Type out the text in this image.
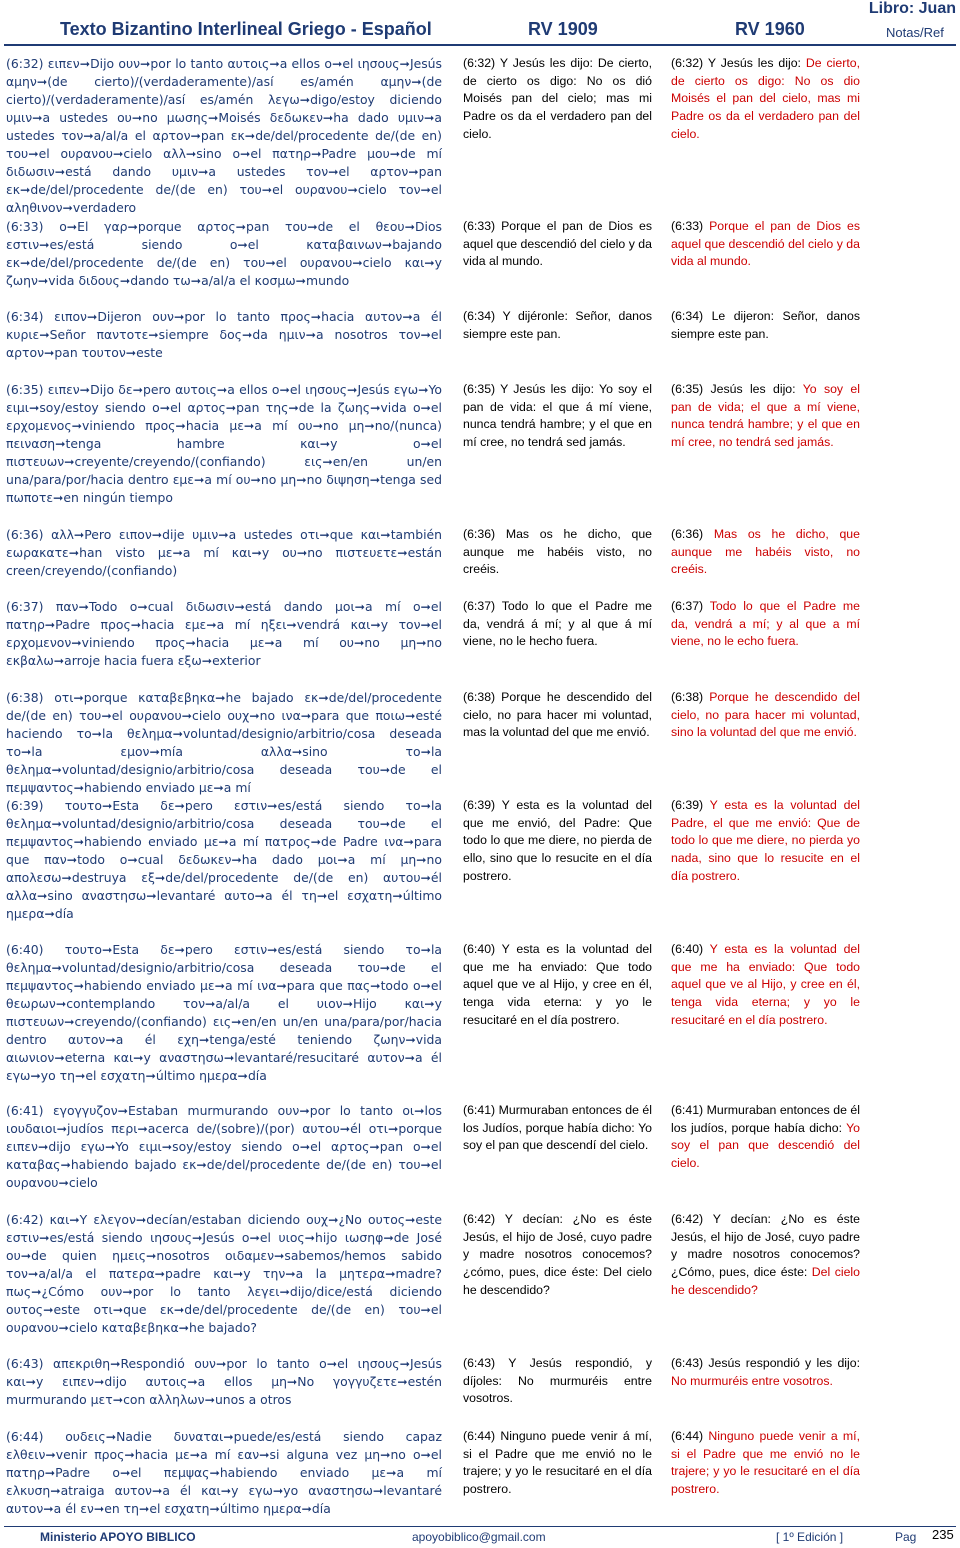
Texto Bizantino Interlineal Griego - Español	RV 1909	RV 1960
Libro: Juan
Notas/Ref
(6:32) ειπεν➞Dijo ουν➞por lo tanto αυτοις➞a ellos ο➞el ιησους➞Jesús αμην➞(de cierto)/(verdaderamente)/así es/amén αμην➞(de cierto)/(verdaderamente)/así es/amén λεγω➞digo/estoy diciendo υμιν➞a ustedes ου➞no μωσης➞Moisés δεδωκεν➞ha dado υμιν➞a ustedes τον➞a/al/a el αρτον➞pan εκ➞de/del/procedente de/(de en) του➞el ουρανου➞cielo αλλ➞sino ο➞el πατηρ➞Padre μου➞de mí διδωσιν➞está dando υμιν➞a ustedes τον➞el αρτον➞pan εκ➞de/del/procedente de/(de en) του➞el ουρανου➞cielo τον➞el αληθινον➞verdadero
(6:32) Y Jesús les dijo: De cierto, de cierto os digo: No os dió Moisés pan del cielo; mas mi Padre os da el verdadero pan del cielo.
(6:32) Y Jesús les dijo: De cierto, de cierto os digo: No os dio Moisés el pan del cielo, mas mi Padre os da el verdadero pan del cielo.
(6:33) ο➞El γαρ➞porque αρτος➞pan του➞de el θεου➞Dios εστιν➞es/está siendo ο➞el καταβαινων➞bajando εκ➞de/del/procedente de/(de en) του➞el ουρανου➞cielo και➞y ζωην➞vida διδους➞dando τω➞a/al/a el κοσμω➞mundo
(6:33) Porque el pan de Dios es aquel que descendió del cielo y da vida al mundo.
(6:33) Porque el pan de Dios es aquel que descendió del cielo y da vida al mundo.
(6:34) ειπον➞Dijeron ουν➞por lo tanto προς➞hacia αυτον➞a él κυριε➞Señor παντοτε➞siempre δος➞da ημιν➞a nosotros τον➞el αρτον➞pan τουτον➞este
(6:34) Y dijéronle: Señor, danos siempre este pan.
(6:34) Le dijeron: Señor, danos siempre este pan.
(6:35) ειπεν➞Dijo δε➞pero αυτοις➞a ellos ο➞el ιησους➞Jesús εγω➞Yo ειμι➞soy/estoy siendo ο➞el αρτος➞pan της➞de la ζωης➞vida ο➞el ερχομενος➞viniendo προς➞hacia με➞a mí ου➞no μη➞no/(nunca) πειναση➞tenga hambre και➞y ο➞el πιστευων➞creyente/creyendo/(confiando) εις➞en/en un/en una/para/por/hacia dentro εμε➞a mí ου➞no μη➞no διψηση➞tenga sed πωποτε➞en ningún tiempo
(6:35) Y Jesús les dijo: Yo soy el pan de vida: el que á mí viene, nunca tendrá hambre; y el que en mí cree, no tendrá sed jamás.
(6:35) Jesús les dijo: Yo soy el pan de vida; el que a mí viene, nunca tendrá hambre; y el que en mí cree, no tendrá sed jamás.
(6:36) αλλ➞Pero ειπον➞dije υμιν➞a ustedes οτι➞que και➞también εωρακατε➞han visto με➞a mí και➞y ου➞no πιστευετε➞están creen/creyendo/(confiando)
(6:36) Mas os he dicho, que aunque me habéis visto, no creéis.
(6:36) Mas os he dicho, que aunque me habéis visto, no creéis.
(6:37) παν➞Todo ο➞cual διδωσιν➞está dando μοι➞a mí ο➞el πατηρ➞Padre προς➞hacia εμε➞a mí ηξει➞vendrá και➞y τον➞el ερχομενον➞viniendo προς➞hacia με➞a mí ου➞no μη➞no εκβαλω➞arroje hacia fuera εξω➞exterior
(6:37) Todo lo que el Padre me da, vendrá á mí; y al que á mí viene, no le hecho fuera.
(6:37) Todo lo que el Padre me da, vendrá a mí; y al que a mí viene, no le echo fuera.
(6:38) οτι➞porque καταβεβηκα➞he bajado εκ➞de/del/procedente de/(de en) του➞el ουρανου➞cielo ουχ➞no ινα➞para que ποιω➞esté haciendo το➞la θελημα➞voluntad/designio/arbitrio/cosa deseada το➞la εμον➞mía αλλα➞sino το➞la θελημα➞voluntad/designio/arbitrio/cosa deseada του➞de el πεμψαντος➞habiendo enviado με➞a mí
(6:38) Porque he descendido del cielo, no para hacer mi voluntad, mas la voluntad del que me envió.
(6:38) Porque he descendido del cielo, no para hacer mi voluntad, sino la voluntad del que me envió.
(6:39) τουτο➞Esta δε➞pero εστιν➞es/está siendo το➞la θελημα➞voluntad/designio/arbitrio/cosa deseada του➞de el πεμψαντος➞habiendo enviado με➞a mí πατρος➞de Padre ινα➞para que παν➞todo ο➞cual δεδωκεν➞ha dado μοι➞a mí μη➞no απολεσω➞destruya εξ➞de/del/procedente de/(de en) αυτου➞él αλλα➞sino αναστησω➞levantaré αυτο➞a él τη➞el εσχατη➞último ημερα➞día
(6:39) Y esta es la voluntad del que me envió, del Padre: Que todo lo que me diere, no pierda de ello, sino que lo resucite en el día postrero.
(6:39) Y esta es la voluntad del Padre, el que me envió: Que de todo lo que me diere, no pierda yo nada, sino que lo resucite en el día postrero.
(6:40) τουτο➞Esta δε➞pero εστιν➞es/está siendo το➞la θελημα➞voluntad/designio/arbitrio/cosa deseada του➞de el πεμψαντος➞habiendo enviado με➞a mí ινα➞para que πας➞todo ο➞el θεωρων➞contemplando τον➞a/al/a el υιον➞Hijo και➞y πιστευων➞creyendo/(confiando) εις➞en/en un/en una/para/por/hacia dentro αυτον➞a él εχη➞tenga/esté teniendo ζωην➞vida αιωνιον➞eterna και➞y αναστησω➞levantaré/resucitaré αυτον➞a él εγω➞yo τη➞el εσχατη➞último ημερα➞día
(6:40) Y esta es la voluntad del que me ha enviado: Que todo aquel que ve al Hijo, y cree en él, tenga vida eterna: y yo le resucitaré en el día postrero.
(6:40) Y esta es la voluntad del que me ha enviado: Que todo aquel que ve al Hijo, y cree en él, tenga vida eterna; y yo le resucitaré en el día postrero.
(6:41) εγογγυζον➞Estaban murmurando ουν➞por lo tanto οι➞los ιουδαιοι➞judíos περι➞acerca de/(sobre)/(por) αυτου➞él οτι➞porque ειπεν➞dijo εγω➞Yo ειμι➞soy/estoy siendo ο➞el αρτος➞pan ο➞el καταβας➞habiendo bajado εκ➞de/del/procedente de/(de en) του➞el ουρανου➞cielo
(6:41) Murmuraban entonces de él los Judíos, porque había dicho: Yo soy el pan que descendí del cielo.
(6:41) Murmuraban entonces de él los judíos, porque había dicho: Yo soy el pan que descendió del cielo.
(6:42) και➞Y ελεγον➞decían/estaban diciendo ουχ➞¿No ουτος➞este εστιν➞es/está siendo ιησους➞Jesús ο➞el υιος➞hijo ιωσηφ➞de José ου➞de quien ημεις➞nosotros οιδαμεν➞sabemos/hemos sabido τον➞a/al/a el πατερα➞padre και➞y την➞a la μητερα➞madre? πως➞¿Cómo ουν➞por lo tanto λεγει➞dijo/dice/está diciendo ουτος➞este οτι➞que εκ➞de/del/procedente de/(de en) του➞el ουρανου➞cielo καταβεβηκα➞he bajado?
(6:42) Y decían: ¿No es éste Jesús, el hijo de José, cuyo padre y madre nosotros conocemos? ¿cómo, pues, dice éste: Del cielo he descendido?
(6:42) Y decían: ¿No es éste Jesús, el hijo de José, cuyo padre y madre nosotros conocemos? ¿Cómo, pues, dice éste: Del cielo he descendido?
(6:43) απεκριθη➞Respondió ουν➞por lo tanto ο➞el ιησους➞Jesús και➞y ειπεν➞dijo αυτοις➞a ellos μη➞No γογγυζετε➞estén murmurando μετ➞con αλληλων➞unos a otros
(6:43) Y Jesús respondió, y díjoles: No murmuréis entre vosotros.
(6:43) Jesús respondió y les dijo: No murmuréis entre vosotros.
(6:44) ουδεις➞Nadie δυναται➞puede/es/está siendo capaz ελθειν➞venir προς➞hacia με➞a mí εαν➞si alguna vez μη➞no ο➞el πατηρ➞Padre ο➞el πεμψας➞habiendo enviado με➞a mí ελκυση➞atraiga αυτον➞a él και➞y εγω➞yo αναστησω➞levantaré αυτον➞a él εν➞en τη➞el εσχατη➞último ημερα➞día
(6:44) Ninguno puede venir á mí, si el Padre que me envió no le trajere; y yo le resucitaré en el día postrero.
(6:44) Ninguno puede venir a mí, si el Padre que me envió no le trajere; y yo le resucitaré en el día postrero.
Ministerio APOYO BIBLICO	apoyobiblico@gmail.com	[ 1º Edición ]	Pag 235
